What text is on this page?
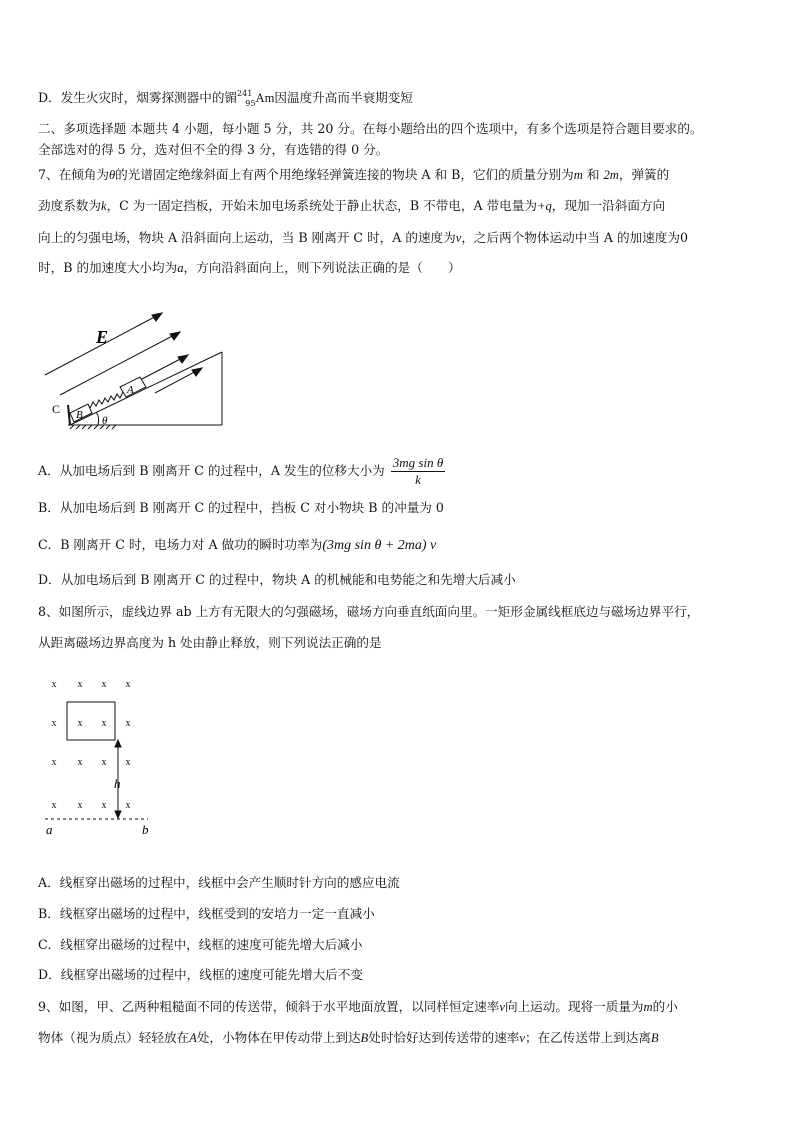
D．发生火灾时，烟雾探测器中的镅$^{241}_{95}$Am因温度升高而半衰期变短
二、多项选择题 本题共 4 小题，每小题 5 分，共 20 分。在每小题给出的四个选项中，有多个选项是符合题目要求的。
全部选对的得 5 分，选对但不全的得 3 分，有选错的得 0 分。
7、在倾角为θ的光谱固定绝缘斜面上有两个用绝缘轻弹簧连接的物块 A 和 B，它们的质量分别为m 和 2m，弹簧的
劲度系数为k，C 为一固定挡板，开始未加电场系统处于静止状态，B 不带电，A 带电量为+q，现加一沿斜面方向
向上的匀强电场，物块 A 沿斜面向上运动，当 B 刚离开 C 时，A 的速度为v，之后两个物体运动中当 A 的加速度为0
时，B 的加速度大小均为a，方向沿斜面向上，则下列说法正确的是（　　）
E
A
B
C
θ
A．从加电场后到 B 刚离开 C 的过程中，A 发生的位移大小为 $\frac{\text{3mg sin θ}}{k}$
B．从加电场后到 B 刚离开 C 的过程中，挡板 C 对小物块 B 的冲量为 0
C．B 刚离开 C 时，电场力对 A 做功的瞬时功率为(3mg sin θ + 2ma) v
D．从加电场后到 B 刚离开 C 的过程中，物块 A 的机械能和电势能之和先增大后减小
8、如图所示，虚线边界 ab 上方有无限大的匀强磁场，磁场方向垂直纸面向里。一矩形金属线框底边与磁场边界平行，
从距离磁场边界高度为 h 处由静止释放，则下列说法正确的是
x x x x
x x x x
x x x x
x x x x
h
a	b
A．线框穿出磁场的过程中，线框中会产生顺时针方向的感应电流
B．线框穿出磁场的过程中，线框受到的安培力一定一直减小
C．线框穿出磁场的过程中，线框的速度可能先增大后减小
D．线框穿出磁场的过程中，线框的速度可能先增大后不变
9、如图，甲、乙两种粗糙面不同的传送带，倾斜于水平地面放置，以同样恒定速率v向上运动。现将一质量为m的小
物体（视为质点）轻轻放在A处，小物体在甲传动带上到达B处时恰好达到传送带的速率v；在乙传送带上到达离B
